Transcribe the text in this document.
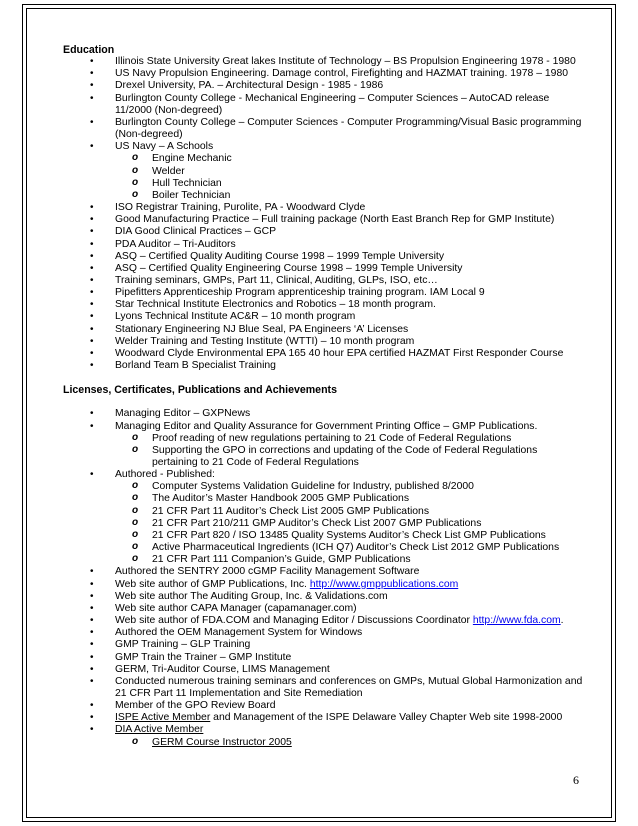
Education
• Illinois State University Great lakes Institute of Technology – BS Propulsion Engineering 1978 - 1980
• US Navy Propulsion Engineering. Damage control, Firefighting and HAZMAT training. 1978 – 1980
• Drexel University, PA. – Architectural Design - 1985 - 1986
• Burlington County College - Mechanical Engineering – Computer Sciences – AutoCAD release 11/2000 (Non-degreed)
• Burlington County College – Computer Sciences - Computer Programming/Visual Basic programming (Non-degreed)
• US Navy – A Schools
o Engine Mechanic
o Welder
o Hull Technician
o Boiler Technician
• ISO Registrar Training, Purolite, PA - Woodward Clyde
• Good Manufacturing Practice – Full training package (North East Branch Rep for GMP Institute)
• DIA Good Clinical Practices – GCP
• PDA Auditor – Tri-Auditors
• ASQ – Certified Quality Auditing Course 1998 – 1999 Temple University
• ASQ – Certified Quality Engineering Course 1998 – 1999 Temple University
• Training seminars, GMPs, Part 11, Clinical, Auditing, GLPs, ISO, etc…
• Pipefitters Apprenticeship Program apprenticeship training program. IAM Local 9
• Star Technical Institute Electronics and Robotics – 18 month program.
• Lyons Technical Institute AC&R – 10 month program
• Stationary Engineering NJ Blue Seal, PA Engineers ‘A’ Licenses
• Welder Training and Testing Institute (WTTI) – 10 month program
• Woodward Clyde Environmental EPA 165 40 hour EPA certified HAZMAT First Responder Course
• Borland Team B Specialist Training
Licenses, Certificates, Publications and Achievements
• Managing Editor – GXPNews
• Managing Editor and Quality Assurance for Government Printing Office – GMP Publications.
o Proof reading of new regulations pertaining to 21 Code of Federal Regulations
o Supporting the GPO in corrections and updating of the Code of Federal Regulations pertaining to 21 Code of Federal Regulations
• Authored - Published:
o Computer Systems Validation Guideline for Industry, published 8/2000
o The Auditor’s Master Handbook 2005 GMP Publications
o 21 CFR Part 11 Auditor’s Check List 2005 GMP Publications
o 21 CFR Part 210/211 GMP Auditor’s Check List 2007 GMP Publications
o 21 CFR Part 820 / ISO 13485 Quality Systems Auditor’s Check List GMP Publications
o Active Pharmaceutical Ingredients (ICH Q7) Auditor’s Check List 2012 GMP Publications
o 21 CFR Part 111 Companion’s Guide, GMP Publications
• Authored the SENTRY 2000 cGMP Facility Management Software
• Web site author of GMP Publications, Inc. http://www.gmppublications.com
• Web site author The Auditing Group, Inc. & Validations.com
• Web site author CAPA Manager (capamanager.com)
• Web site author of FDA.COM and Managing Editor / Discussions Coordinator http://www.fda.com.
• Authored the OEM Management System for Windows
• GMP Training – GLP Training
• GMP Train the Trainer – GMP Institute
• GERM, Tri-Auditor Course, LIMS Management
• Conducted numerous training seminars and conferences on GMPs, Mutual Global Harmonization and 21 CFR Part 11 Implementation and Site Remediation
• Member of the GPO Review Board
• ISPE Active Member and Management of the ISPE Delaware Valley Chapter Web site 1998-2000
• DIA Active Member
o GERM Course Instructor 2005
6
